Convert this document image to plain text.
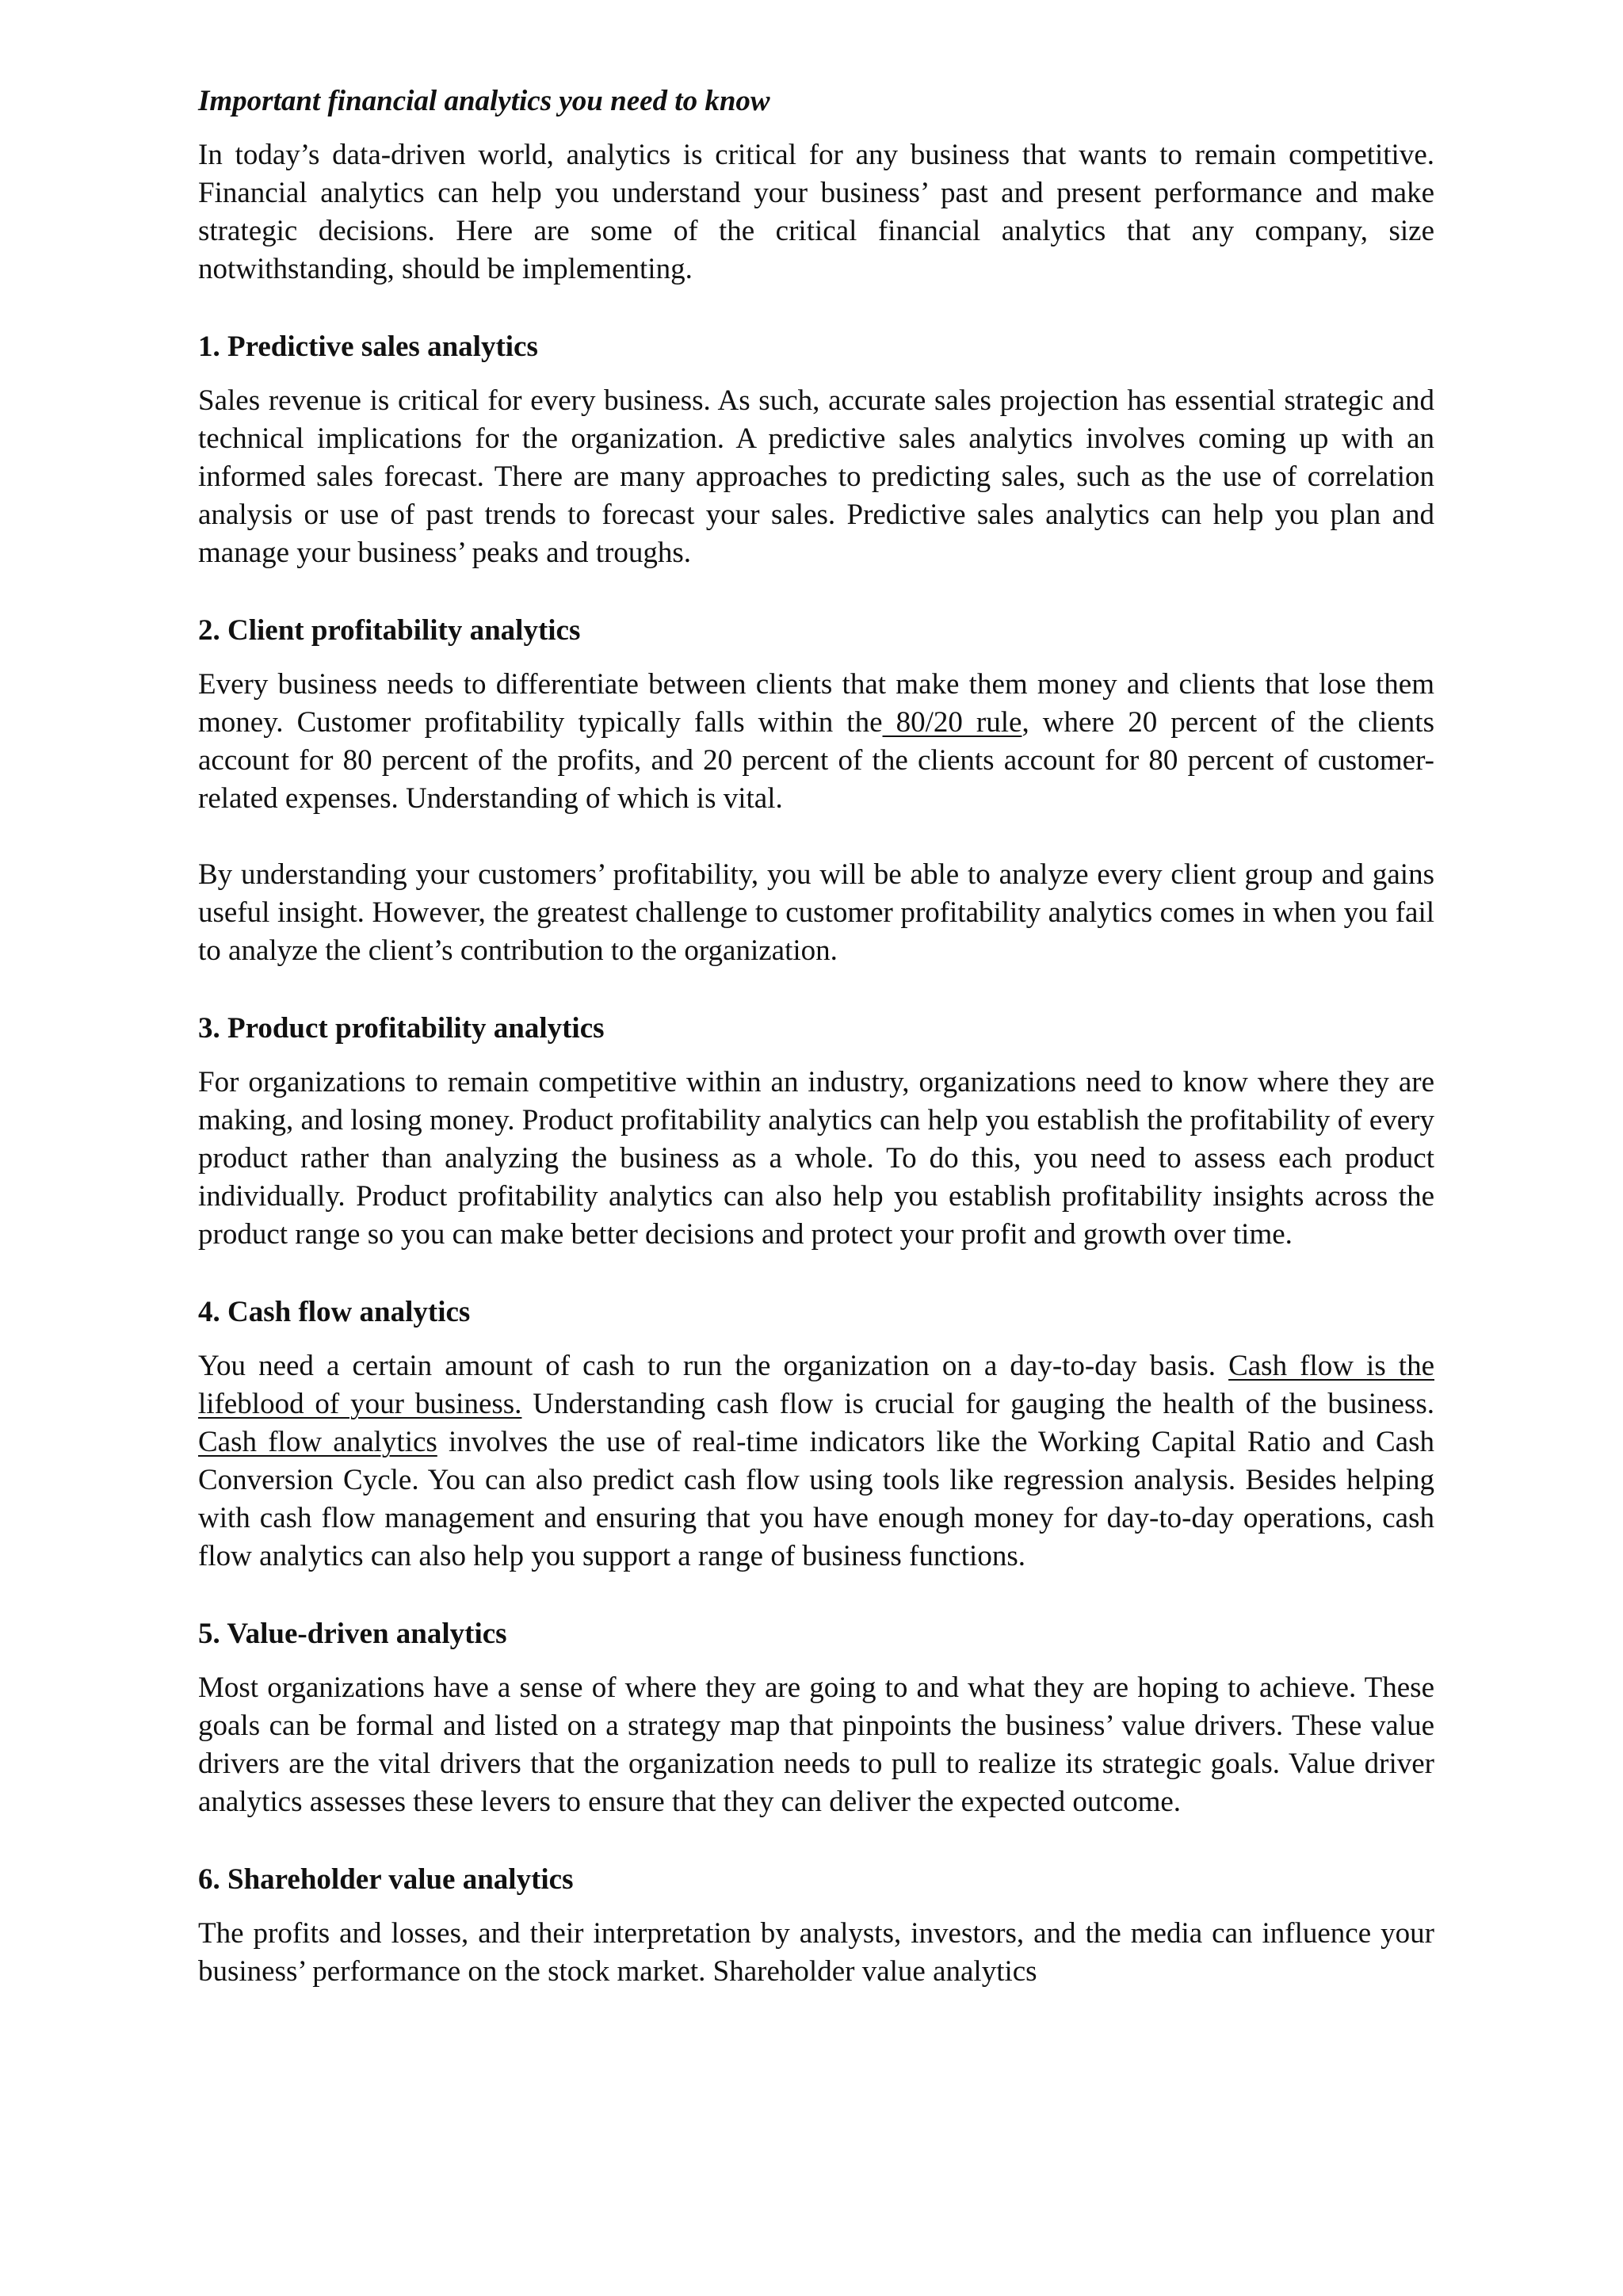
Important financial analytics you need to know

In today’s data-driven world, analytics is critical for any business that wants to remain competitive. Financial analytics can help you understand your business’ past and present performance and make strategic decisions. Here are some of the critical financial analytics that any company, size notwithstanding, should be implementing.

1. Predictive sales analytics

Sales revenue is critical for every business. As such, accurate sales projection has essential strategic and technical implications for the organization. A predictive sales analytics involves coming up with an informed sales forecast. There are many approaches to predicting sales, such as the use of correlation analysis or use of past trends to forecast your sales. Predictive sales analytics can help you plan and manage your business’ peaks and troughs.

2. Client profitability analytics

Every business needs to differentiate between clients that make them money and clients that lose them money. Customer profitability typically falls within the 80/20 rule, where 20 percent of the clients account for 80 percent of the profits, and 20 percent of the clients account for 80 percent of customer-related expenses. Understanding of which is vital.

By understanding your customers’ profitability, you will be able to analyze every client group and gains useful insight. However, the greatest challenge to customer profitability analytics comes in when you fail to analyze the client’s contribution to the organization.

3. Product profitability analytics

For organizations to remain competitive within an industry, organizations need to know where they are making, and losing money. Product profitability analytics can help you establish the profitability of every product rather than analyzing the business as a whole. To do this, you need to assess each product individually. Product profitability analytics can also help you establish profitability insights across the product range so you can make better decisions and protect your profit and growth over time.

4. Cash flow analytics

You need a certain amount of cash to run the organization on a day-to-day basis. Cash flow is the lifeblood of your business. Understanding cash flow is crucial for gauging the health of the business. Cash flow analytics involves the use of real-time indicators like the Working Capital Ratio and Cash Conversion Cycle. You can also predict cash flow using tools like regression analysis. Besides helping with cash flow management and ensuring that you have enough money for day-to-day operations, cash flow analytics can also help you support a range of business functions.

5. Value-driven analytics

Most organizations have a sense of where they are going to and what they are hoping to achieve. These goals can be formal and listed on a strategy map that pinpoints the business’ value drivers. These value drivers are the vital drivers that the organization needs to pull to realize its strategic goals. Value driver analytics assesses these levers to ensure that they can deliver the expected outcome.

6. Shareholder value analytics

The profits and losses, and their interpretation by analysts, investors, and the media can influence your business’ performance on the stock market. Shareholder value analytics
